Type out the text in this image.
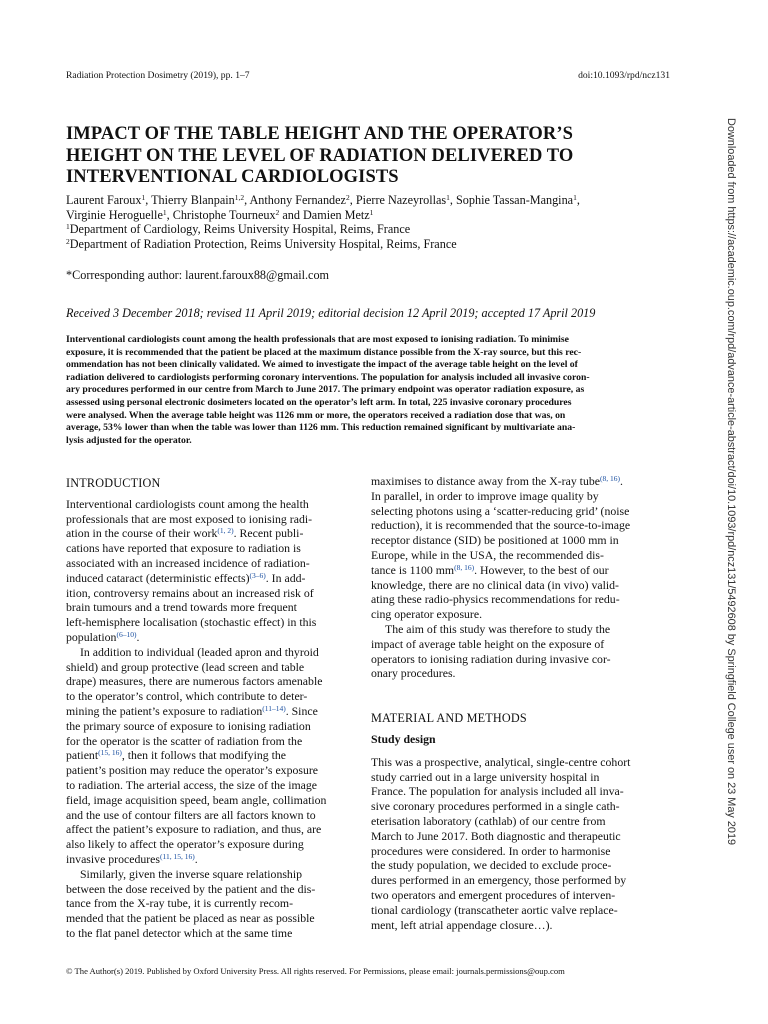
Radiation Protection Dosimetry (2019), pp. 1–7	doi:10.1093/rpd/ncz131
IMPACT OF THE TABLE HEIGHT AND THE OPERATOR’S
HEIGHT ON THE LEVEL OF RADIATION DELIVERED TO
INTERVENTIONAL CARDIOLOGISTS
Laurent Faroux$^1$, Thierry Blanpain$^{1,2}$, Anthony Fernandez$^2$, Pierre Nazeyrollas$^1$, Sophie Tassan-Mangina$^1$,
Virginie Heroguelle$^1$, Christophe Tourneux$^2$ and Damien Metz$^1$
$^1$Department of Cardiology, Reims University Hospital, Reims, France
$^2$Department of Radiation Protection, Reims University Hospital, Reims, France
*Corresponding author: laurent.faroux88@gmail.com
Received 3 December 2018; revised 11 April 2019; editorial decision 12 April 2019; accepted 17 April 2019
Interventional cardiologists count among the health professionals that are most exposed to ionising radiation. To minimise
exposure, it is recommended that the patient be placed at the maximum distance possible from the X-ray source, but this rec-
ommendation has not been clinically validated. We aimed to investigate the impact of the average table height on the level of
radiation delivered to cardiologists performing coronary interventions. The population for analysis included all invasive coron-
ary procedures performed in our centre from March to June 2017. The primary endpoint was operator radiation exposure, as
assessed using personal electronic dosimeters located on the operator’s left arm. In total, 225 invasive coronary procedures
were analysed. When the average table height was 1126 mm or more, the operators received a radiation dose that was, on
average, 53% lower than when the table was lower than 1126 mm. This reduction remained significant by multivariate ana-
lysis adjusted for the operator.
INTRODUCTION
Interventional cardiologists count among the health
professionals that are most exposed to ionising radi-
ation in the course of their work$^{(1, 2)}$. Recent publi-
cations have reported that exposure to radiation is
associated with an increased incidence of radiation-
induced cataract (deterministic effects)$^{(3-6)}$. In add-
ition, controversy remains about an increased risk of
brain tumours and a trend towards more frequent
left-hemisphere localisation (stochastic effect) in this
population$^{(6-10)}$.
In addition to individual (leaded apron and thyroid
shield) and group protective (lead screen and table
drape) measures, there are numerous factors amenable
to the operator’s control, which contribute to deter-
mining the patient’s exposure to radiation$^{(11-14)}$. Since
the primary source of exposure to ionising radiation
for the operator is the scatter of radiation from the
patient$^{(15, 16)}$, then it follows that modifying the
patient’s position may reduce the operator’s exposure
to radiation. The arterial access, the size of the image
field, image acquisition speed, beam angle, collimation
and the use of contour filters are all factors known to
affect the patient’s exposure to radiation, and thus, are
also likely to affect the operator’s exposure during
invasive procedures$^{(11, 15, 16)}$.
Similarly, given the inverse square relationship
between the dose received by the patient and the dis-
tance from the X-ray tube, it is currently recom-
mended that the patient be placed as near as possible
to the flat panel detector which at the same time
maximises to distance away from the X-ray tube$^{(8, 16)}$.
In parallel, in order to improve image quality by
selecting photons using a ‘scatter-reducing grid’ (noise
reduction), it is recommended that the source-to-image
receptor distance (SID) be positioned at 1000 mm in
Europe, while in the USA, the recommended dis-
tance is 1100 mm$^{(8, 16)}$. However, to the best of our
knowledge, there are no clinical data (in vivo) valid-
ating these radio-physics recommendations for redu-
cing operator exposure.
The aim of this study was therefore to study the
impact of average table height on the exposure of
operators to ionising radiation during invasive cor-
onary procedures.
MATERIAL AND METHODS
Study design
This was a prospective, analytical, single-centre cohort
study carried out in a large university hospital in
France. The population for analysis included all inva-
sive coronary procedures performed in a single cath-
eterisation laboratory (cathlab) of our centre from
March to June 2017. Both diagnostic and therapeutic
procedures were considered. In order to harmonise
the study population, we decided to exclude proce-
dures performed in an emergency, those performed by
two operators and emergent procedures of interven-
tional cardiology (transcatheter aortic valve replace-
ment, left atrial appendage closure…).
© The Author(s) 2019. Published by Oxford University Press. All rights reserved. For Permissions, please email: journals.permissions@oup.com
Downloaded from https://academic.oup.com/rpd/advance-article-abstract/doi/10.1093/rpd/ncz131/5492608 by Springfield College user on 23 May 2019
